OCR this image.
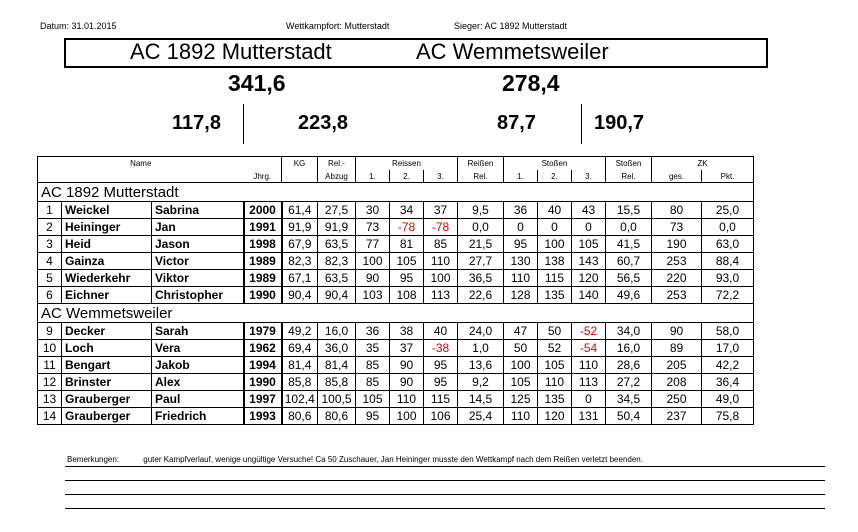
Datum: 31.01.2015	Wettkampfort: Mutterstadt	Sieger: AC 1892 Mutterstadt
AC 1892 Mutterstadt	AC Wemmetsweiler
341,6	278,4
117,8	223,8	87,7	190,7
Name				KG	Rel.-	Reissen			Reißen	Stoßen			Stoßen	ZK	
			Jhrg.		Abzug	1.	2.	3.	Rel.	1.	2.	3.	Rel.	ges.	Pkt.
AC 1892 Mutterstadt															
1	Weickel	Sabrina	2000	61,4	27,5	30	34	37	9,5	36	40	43	15,5	80	25,0
2	Heininger	Jan	1991	91,9	91,9	73	-78	-78	0,0	0	0	0	0,0	73	0,0
3	Heid	Jason	1998	67,9	63,5	77	81	85	21,5	95	100	105	41,5	190	63,0
4	Gainza	Victor	1989	82,3	82,3	100	105	110	27,7	130	138	143	60,7	253	88,4
5	Wiederkehr	Viktor	1989	67,1	63,5	90	95	100	36,5	110	115	120	56,5	220	93,0
6	Eichner	Christopher	1990	90,4	90,4	103	108	113	22,6	128	135	140	49,6	253	72,2
AC Wemmetsweiler															
9	Decker	Sarah	1979	49,2	16,0	36	38	40	24,0	47	50	-52	34,0	90	58,0
10	Loch	Vera	1962	69,4	36,0	35	37	-38	1,0	50	52	-54	16,0	89	17,0
11	Bengart	Jakob	1994	81,4	81,4	85	90	95	13,6	100	105	110	28,6	205	42,2
12	Brinster	Alex	1990	85,8	85,8	85	90	95	9,2	105	110	113	27,2	208	36,4
13	Grauberger	Paul	1997	102,4	100,5	105	110	115	14,5	125	135	0	34,5	250	49,0
14	Grauberger	Friedrich	1993	80,6	80,6	95	100	106	25,4	110	120	131	50,4	237	75,8
Bemerkungen:	guter Kampfverlauf, wenige ungültige Versuche! Ca 50 Zuschauer, Jan Heininger musste den Wettkampf nach dem Reißen verletzt beenden.
